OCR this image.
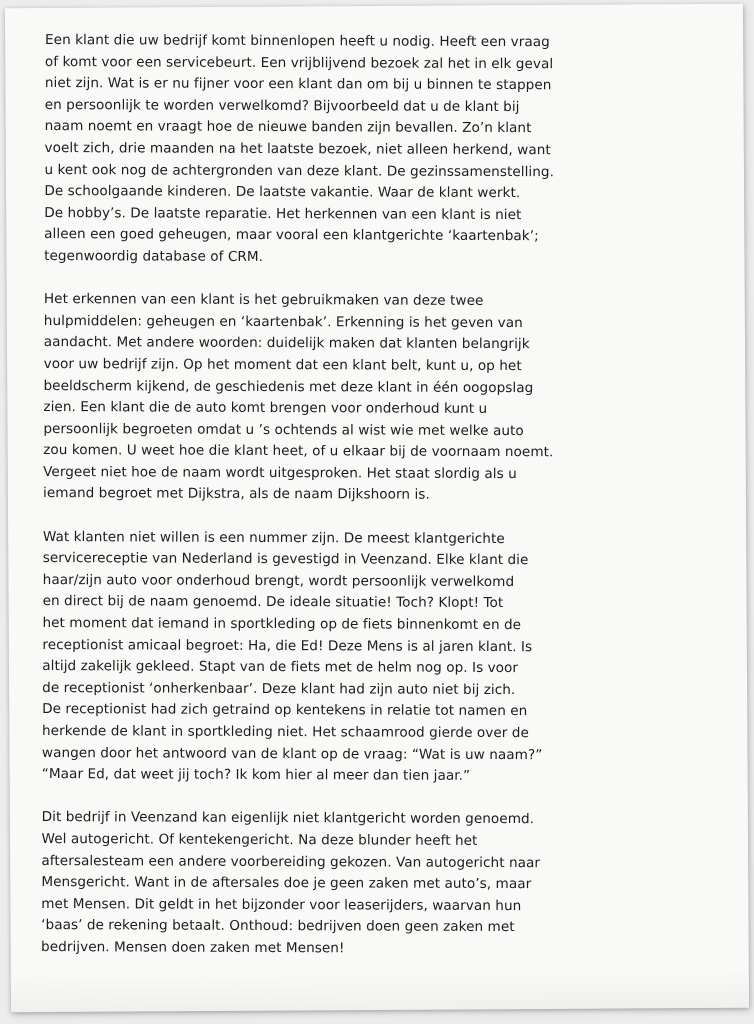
Een klant die uw bedrijf komt binnenlopen heeft u nodig. Heeft een vraag
of komt voor een servicebeurt. Een vrijblijvend bezoek zal het in elk geval
niet zijn. Wat is er nu fijner voor een klant dan om bij u binnen te stappen
en persoonlijk te worden verwelkomd? Bijvoorbeeld dat u de klant bij
naam noemt en vraagt hoe de nieuwe banden zijn bevallen. Zo’n klant
voelt zich, drie maanden na het laatste bezoek, niet alleen herkend, want
u kent ook nog de achtergronden van deze klant. De gezinssamenstelling.
De schoolgaande kinderen. De laatste vakantie. Waar de klant werkt.
De hobby’s. De laatste reparatie. Het herkennen van een klant is niet
alleen een goed geheugen, maar vooral een klantgerichte ‘kaartenbak’;
tegenwoordig database of CRM.
Het erkennen van een klant is het gebruikmaken van deze twee
hulpmiddelen: geheugen en ‘kaartenbak’. Erkenning is het geven van
aandacht. Met andere woorden: duidelijk maken dat klanten belangrijk
voor uw bedrijf zijn. Op het moment dat een klant belt, kunt u, op het
beeldscherm kijkend, de geschiedenis met deze klant in één oogopslag
zien. Een klant die de auto komt brengen voor onderhoud kunt u
persoonlijk begroeten omdat u ’s ochtends al wist wie met welke auto
zou komen. U weet hoe die klant heet, of u elkaar bij de voornaam noemt.
Vergeet niet hoe de naam wordt uitgesproken. Het staat slordig als u
iemand begroet met Dijkstra, als de naam Dijkshoorn is.
Wat klanten niet willen is een nummer zijn. De meest klantgerichte
servicereceptie van Nederland is gevestigd in Veenzand. Elke klant die
haar/zijn auto voor onderhoud brengt, wordt persoonlijk verwelkomd
en direct bij de naam genoemd. De ideale situatie! Toch? Klopt! Tot
het moment dat iemand in sportkleding op de fiets binnenkomt en de
receptionist amicaal begroet: Ha, die Ed! Deze Mens is al jaren klant. Is
altijd zakelijk gekleed. Stapt van de fiets met de helm nog op. Is voor
de receptionist ‘onherkenbaar’. Deze klant had zijn auto niet bij zich.
De receptionist had zich getraind op kentekens in relatie tot namen en
herkende de klant in sportkleding niet. Het schaamrood gierde over de
wangen door het antwoord van de klant op de vraag: “Wat is uw naam?”
“Maar Ed, dat weet jij toch? Ik kom hier al meer dan tien jaar.”
Dit bedrijf in Veenzand kan eigenlijk niet klantgericht worden genoemd.
Wel autogericht. Of kentekengericht. Na deze blunder heeft het
aftersalesteam een andere voorbereiding gekozen. Van autogericht naar
Mensgericht. Want in de aftersales doe je geen zaken met auto’s, maar
met Mensen. Dit geldt in het bijzonder voor leaserijders, waarvan hun
‘baas’ de rekening betaalt. Onthoud: bedrijven doen geen zaken met
bedrijven. Mensen doen zaken met Mensen!
